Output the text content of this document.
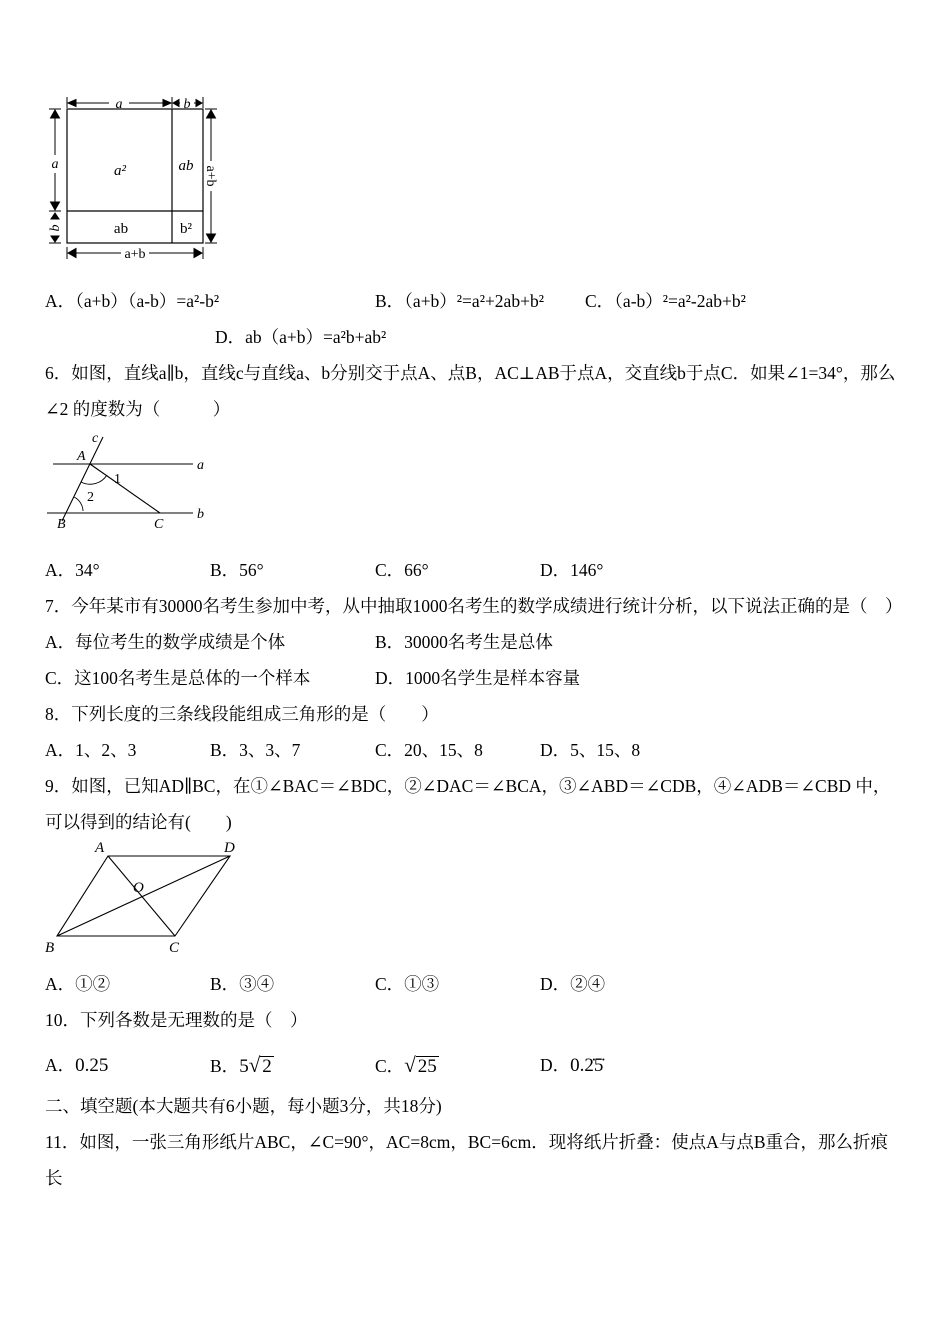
a	b
a
b
a+b
a+b
a²	ab
ab	b²
A．（a+b）（a-b）=a²-b²	B．（a+b）²=a²+2ab+b² C．（a-b）²=a²-2ab+b²
D．ab（a+b）=a²b+ab²

6．如图，直线a∥b，直线c与直线a、b分别交于点A、点B，AC⊥AB于点A，交直线b于点C．如果∠1=34°，那么∠2 的度数为（　　　）

c
A
a
1
2
B	C
b
A．34°	B．56°	C．66°	D．146°

7．今年某市有30000名考生参加中考，从中抽取1000名考生的数学成绩进行统计分析，以下说法正确的是（　）

A．每位考生的数学成绩是个体	B．30000名考生是总体
C．这100名考生是总体的一个样本	D．1000名学生是样本容量

8．下列长度的三条线段能组成三角形的是（　　）

A．1、2、3	B．3、3、7	C．20、15、8	D．5、15、8

9．如图，已知AD∥BC，在①∠BAC＝∠BDC，②∠DAC＝∠BCA，③∠ABD＝∠CDB，④∠ADB＝∠CBD 中，可以得到的结论有(　　)

A	D
O
B	C
A．①②	B．③④	C．①③	D．②④

10．下列各数是无理数的是（　）

A．0.25	B．5√ 2	C．√ 25	D．0.2̇5̇

二、填空题(本大题共有6小题，每小题3分，共18分)

11．如图，一张三角形纸片ABC，∠C=90°，AC=8cm，BC=6cm．现将纸片折叠：使点A与点B重合，那么折痕长
